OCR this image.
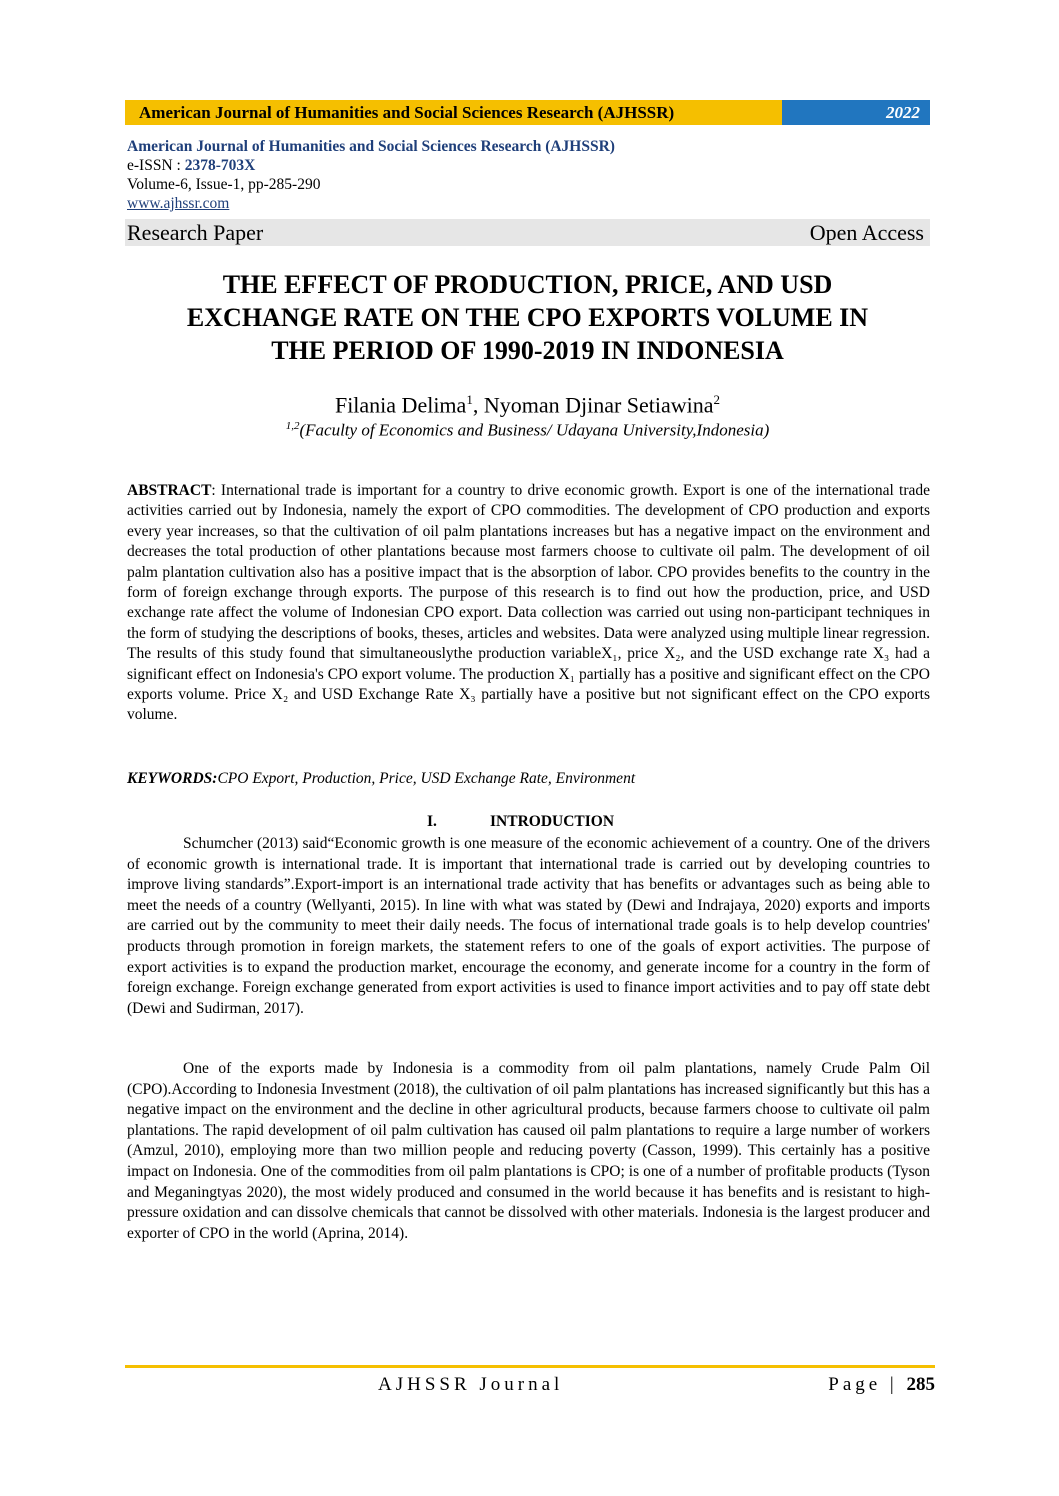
American Journal of Humanities and Social Sciences Research (AJHSSR)	2022
American Journal of Humanities and Social Sciences Research (AJHSSR)
e-ISSN : 2378-703X
Volume-6, Issue-1, pp-285-290
www.ajhssr.com
Research Paper	Open Access
THE EFFECT OF PRODUCTION, PRICE, AND USD
EXCHANGE RATE ON THE CPO EXPORTS VOLUME IN
THE PERIOD OF 1990-2019 IN INDONESIA
Filania Delima$^1$, Nyoman Djinar Setiawina$^2$
$^{1,2}$(Faculty of Economics and Business/ Udayana University,Indonesia)
ABSTRACT: International trade is important for a country to drive economic growth. Export is one of the international trade activities carried out by Indonesia, namely the export of CPO commodities. The development of CPO production and exports every year increases, so that the cultivation of oil palm plantations increases but has a negative impact on the environment and decreases the total production of other plantations because most farmers choose to cultivate oil palm. The development of oil palm plantation cultivation also has a positive impact that is the absorption of labor. CPO provides benefits to the country in the form of foreign exchange through exports. The purpose of this research is to find out how the production, price, and USD exchange rate affect the volume of Indonesian CPO export. Data collection was carried out using non-participant techniques in the form of studying the descriptions of books, theses, articles and websites. Data were analyzed using multiple linear regression. The results of this study found that simultaneouslythe production variableX₁, price X₂, and the USD exchange rate X₃ had a significant effect on Indonesia's CPO export volume. The production X₁ partially has a positive and significant effect on the CPO exports volume. Price X₂ and USD Exchange Rate X₃ partially have a positive but not significant effect on the CPO exports volume.
KEYWORDS:CPO Export, Production, Price, USD Exchange Rate, Environment
I.	INTRODUCTION
Schumcher (2013) said“Economic growth is one measure of the economic achievement of a country. One of the drivers of economic growth is international trade. It is important that international trade is carried out by developing countries to improve living standards”.Export-import is an international trade activity that has benefits or advantages such as being able to meet the needs of a country (Wellyanti, 2015). In line with what was stated by (Dewi and Indrajaya, 2020) exports and imports are carried out by the community to meet their daily needs. The focus of international trade goals is to help develop countries' products through promotion in foreign markets, the statement refers to one of the goals of export activities. The purpose of export activities is to expand the production market, encourage the economy, and generate income for a country in the form of foreign exchange. Foreign exchange generated from export activities is used to finance import activities and to pay off state debt (Dewi and Sudirman, 2017).
One of the exports made by Indonesia is a commodity from oil palm plantations, namely Crude Palm Oil (CPO).According to Indonesia Investment (2018), the cultivation of oil palm plantations has increased significantly but this has a negative impact on the environment and the decline in other agricultural products, because farmers choose to cultivate oil palm plantations. The rapid development of oil palm cultivation has caused oil palm plantations to require a large number of workers (Amzul, 2010), employing more than two million people and reducing poverty (Casson, 1999). This certainly has a positive impact on Indonesia. One of the commodities from oil palm plantations is CPO; is one of a number of profitable products (Tyson and Meganingtyas 2020), the most widely produced and consumed in the world because it has benefits and is resistant to high-pressure oxidation and can dissolve chemicals that cannot be dissolved with other materials. Indonesia is the largest producer and exporter of CPO in the world (Aprina, 2014).
AJHSSR Journal	Page | 285
